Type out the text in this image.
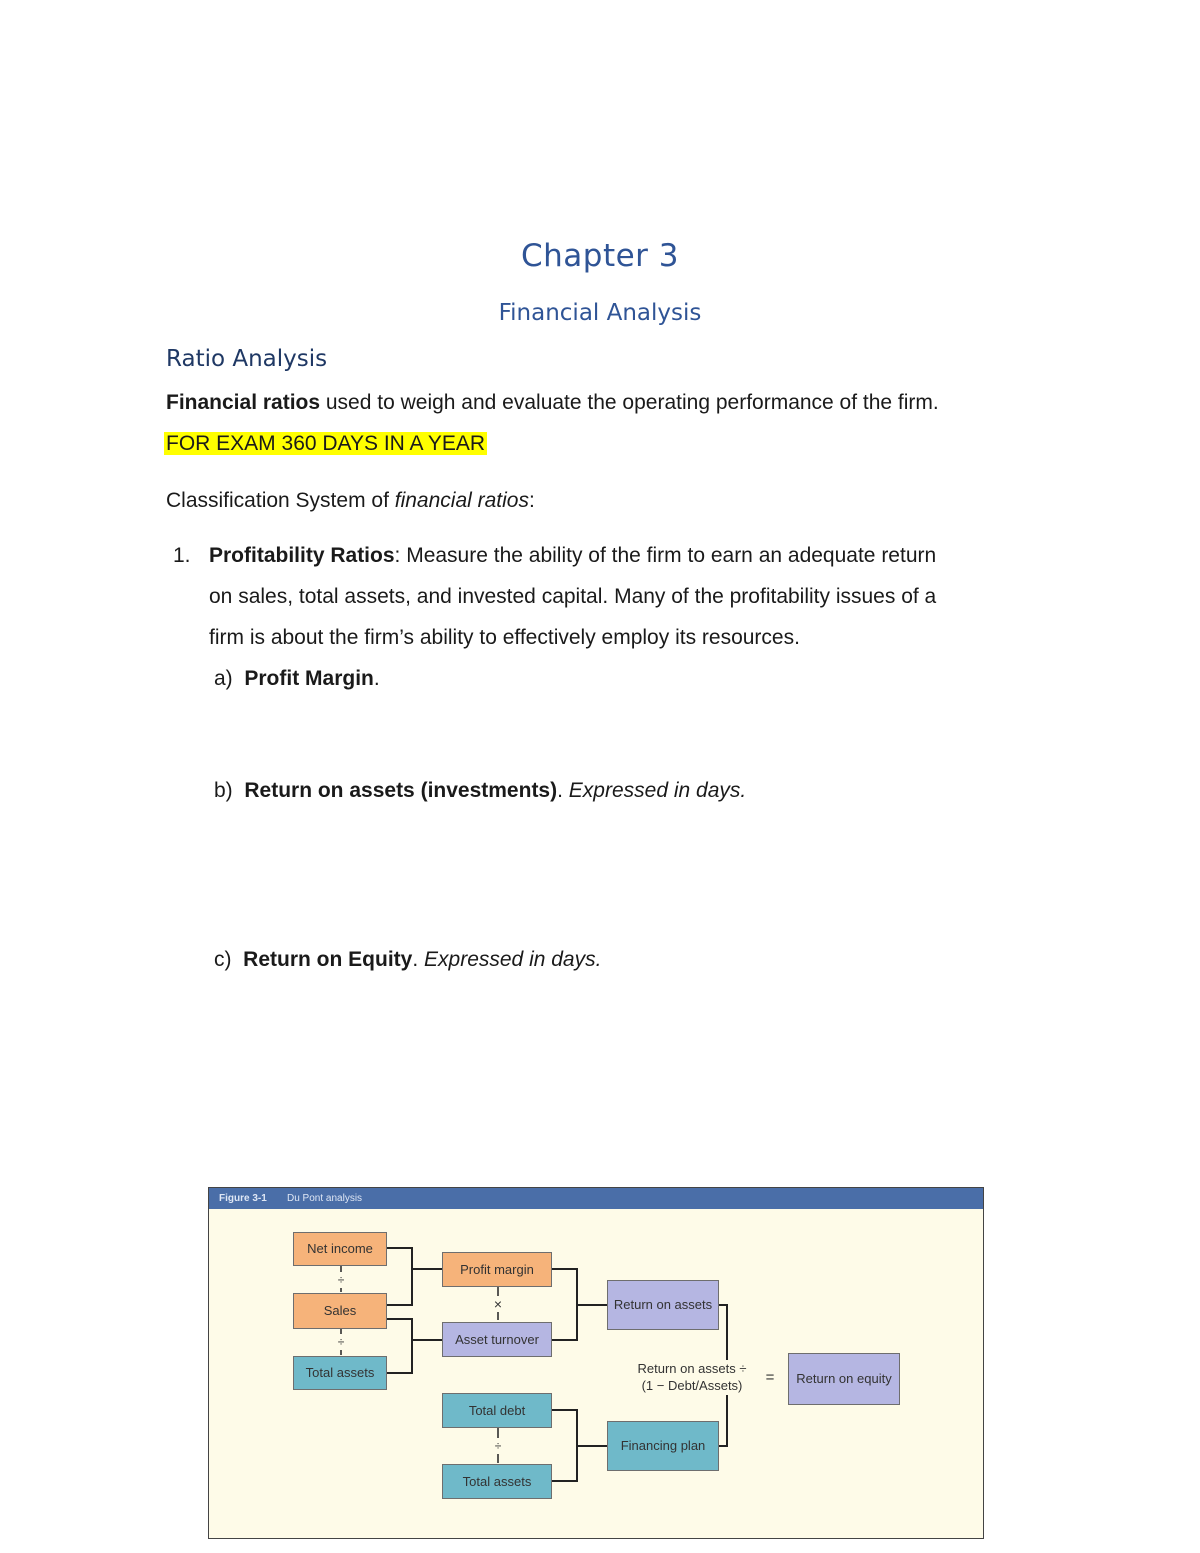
Chapter 3
Financial Analysis
Ratio Analysis
Financial ratios used to weigh and evaluate the operating performance of the firm.
FOR EXAM 360 DAYS IN A YEAR
Classification System of financial ratios:
1. Profitability Ratios: Measure the ability of the firm to earn an adequate return
on sales, total assets, and invested capital. Many of the profitability issues of a
firm is about the firm’s ability to effectively employ its resources.
a) Profit Margin.
b) Return on assets (investments). Expressed in days.
c) Return on Equity. Expressed in days.
Figure 3-1 Du Pont analysis
÷
÷
×
÷
Net income
Sales
Total assets
Profit margin
Asset turnover
Return on assets
Total debt
Total assets
Financing plan
Return on assets ÷
(1 − Debt/Assets)	=	Return on equity
